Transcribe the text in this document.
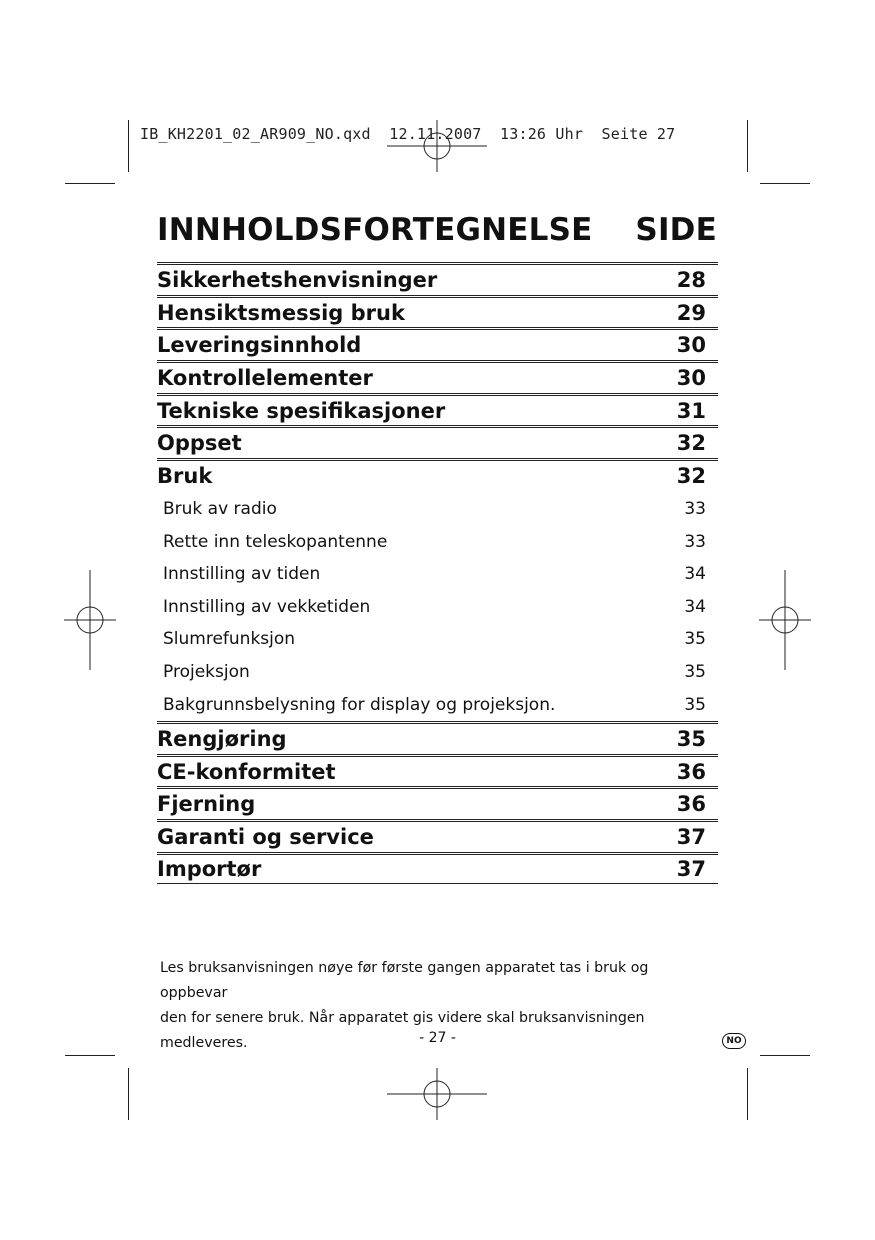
IB_KH2201_02_AR909_NO.qxd  12.11.2007  13:26 Uhr  Seite 27
INNHOLDSFORTEGNELSE SIDE
Sikkerhetshenvisninger	28
Hensiktsmessig bruk	29
Leveringsinnhold	30
Kontrollelementer	30
Tekniske spesifikasjoner	31
Oppset	32
Bruk	32
Bruk av radio	33
Rette inn teleskopantenne	33
Innstilling av tiden	34
Innstilling av vekketiden	34
Slumrefunksjon	35
Projeksjon	35
Bakgrunnsbelysning for display og projeksjon.	35
Rengjøring	35
CE-konformitet	36
Fjerning	36
Garanti og service	37
Importør	37
Les bruksanvisningen nøye før første gangen apparatet tas i bruk og oppbevar
den for senere bruk. Når apparatet gis videre skal bruksanvisningen medleveres.	- 27 -	NO
